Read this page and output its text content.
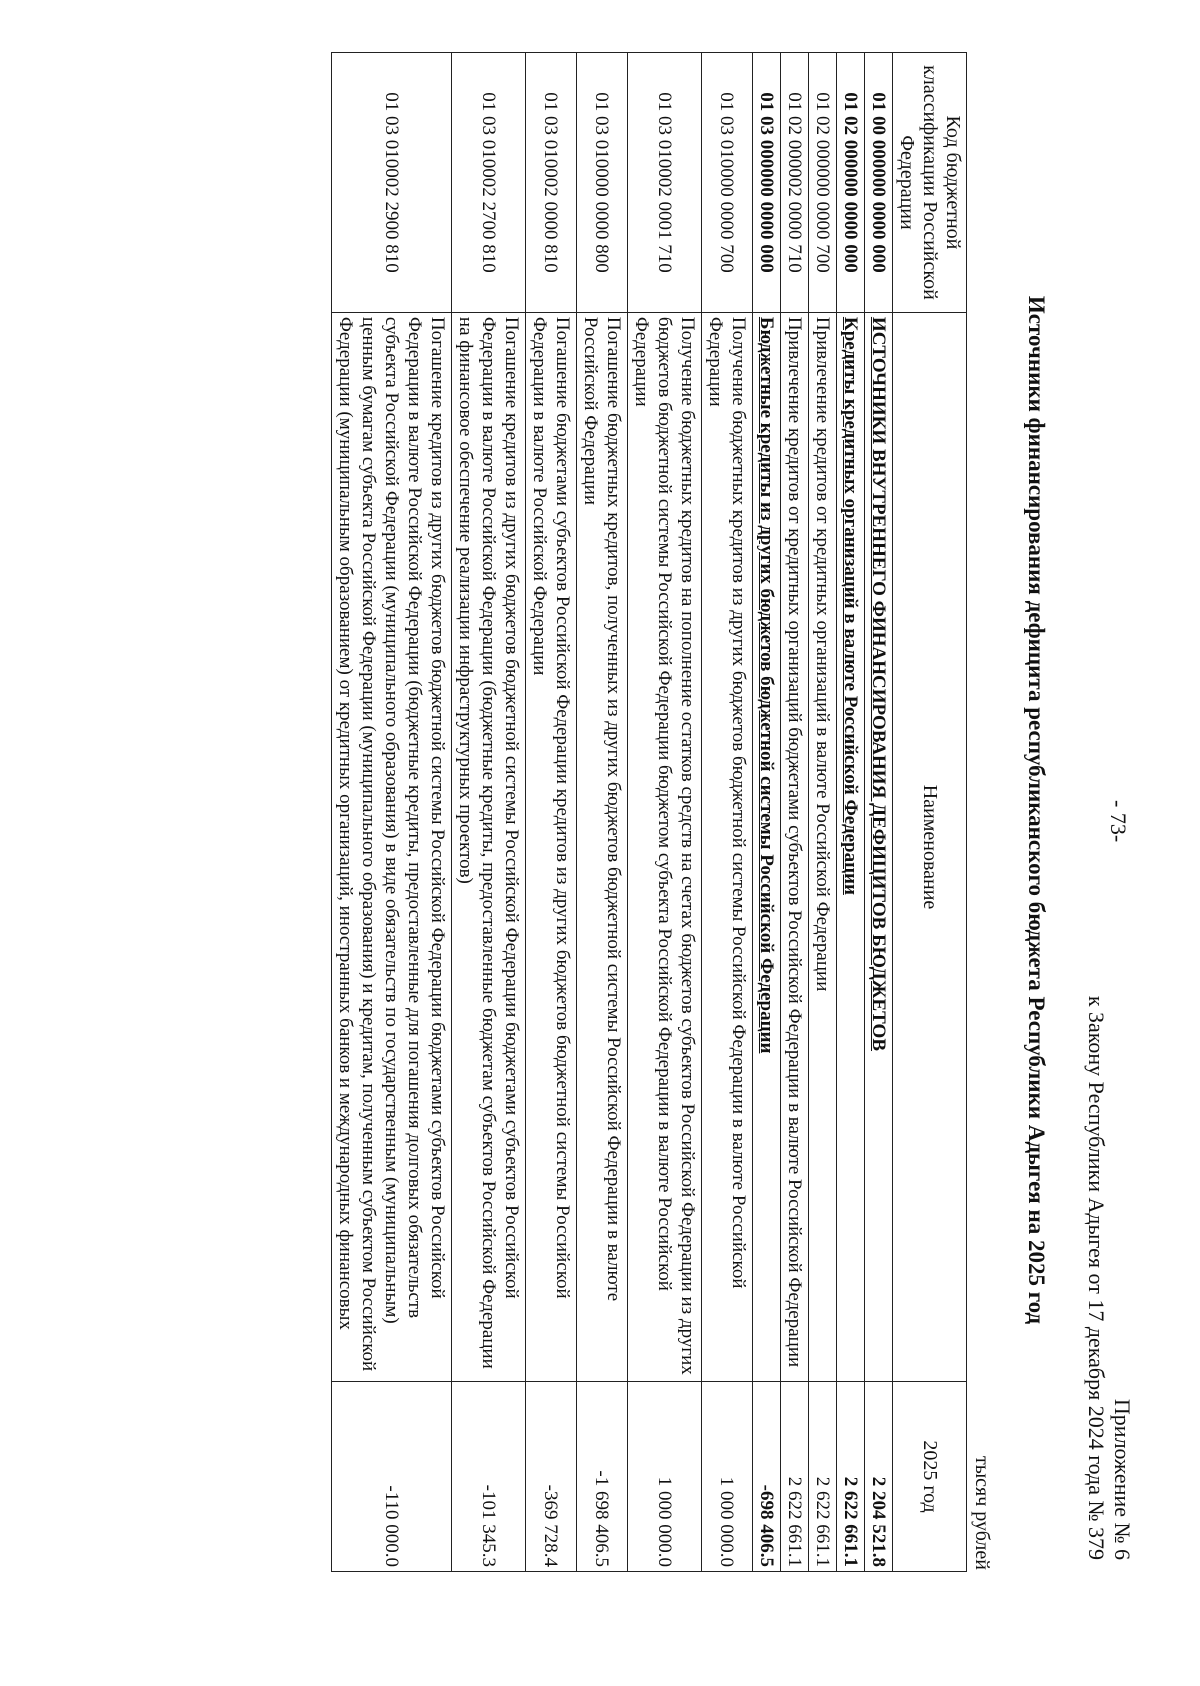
- 73-
Приложение № 6
к Закону Республики Адыгея от 17 декабря 2024 года № 379
Источники финансирования дефицита республиканского бюджета Республики Адыгея на 2025 год
тысяч рублей
Код бюджетной классификации Российской Федерации	Наименование	2025 год
01 00 000000 0000 000	ИСТОЧНИКИ ВНУТРЕННЕГО ФИНАНСИРОВАНИЯ ДЕФИЦИТОВ БЮДЖЕТОВ	2 204 521.8
01 02 000000 0000 000	Кредиты кредитных организаций в валюте Российской Федерации	2 622 661.1
01 02 000000 0000 700	Привлечение кредитов от кредитных организаций в валюте Российской Федерации	2 622 661.1
01 02 000002 0000 710	Привлечение кредитов от кредитных организаций бюджетами субъектов Российской Федерации в валюте Российской Федерации	2 622 661.1
01 03 000000 0000 000	Бюджетные кредиты из других бюджетов бюджетной системы Российской Федерации	-698 406.5
01 03 010000 0000 700	Получение бюджетных кредитов из других бюджетов бюджетной системы Российской Федерации в валюте Российской Федерации	1 000 000.0
01 03 010002 0001 710	Получение бюджетных кредитов на пополнение остатков средств на счетах бюджетов субъектов Российской Федерации из других бюджетов бюджетной системы Российской Федерации бюджетом субъекта Российской Федерации в валюте Российской Федерации	1 000 000.0
01 03 010000 0000 800	Погашение бюджетных кредитов, полученных из других бюджетов бюджетной системы Российской Федерации в валюте Российской Федерации	-1 698 406.5
01 03 010002 0000 810	Погашение бюджетами субъектов Российской Федерации кредитов из других бюджетов бюджетной системы Российской Федерации в валюте Российской Федерации	-369 728.4
01 03 010002 2700 810	Погашение кредитов из других бюджетов бюджетной системы Российской Федерации бюджетами субъектов Российской Федерации в валюте Российской Федерации (бюджетные кредиты, предоставленные бюджетам субъектов Российской Федерации на финансовое обеспечение реализации инфраструктурных проектов)	-101 345.3
01 03 010002 2900 810	Погашение кредитов из других бюджетов бюджетной системы Российской Федерации бюджетами субъектов Российской Федерации в валюте Российской Федерации (бюджетные кредиты, предоставленные для погашения долговых обязательств субъекта Российской Федерации (муниципального образования) в виде обязательств по государственным (муниципальным) ценным бумагам субъекта Российской Федерации (муниципального образования) и кредитам, полученным субъектом Российской Федерации (муниципальным образованием) от кредитных организаций, иностранных банков и международных финансовых	-110 000.0
